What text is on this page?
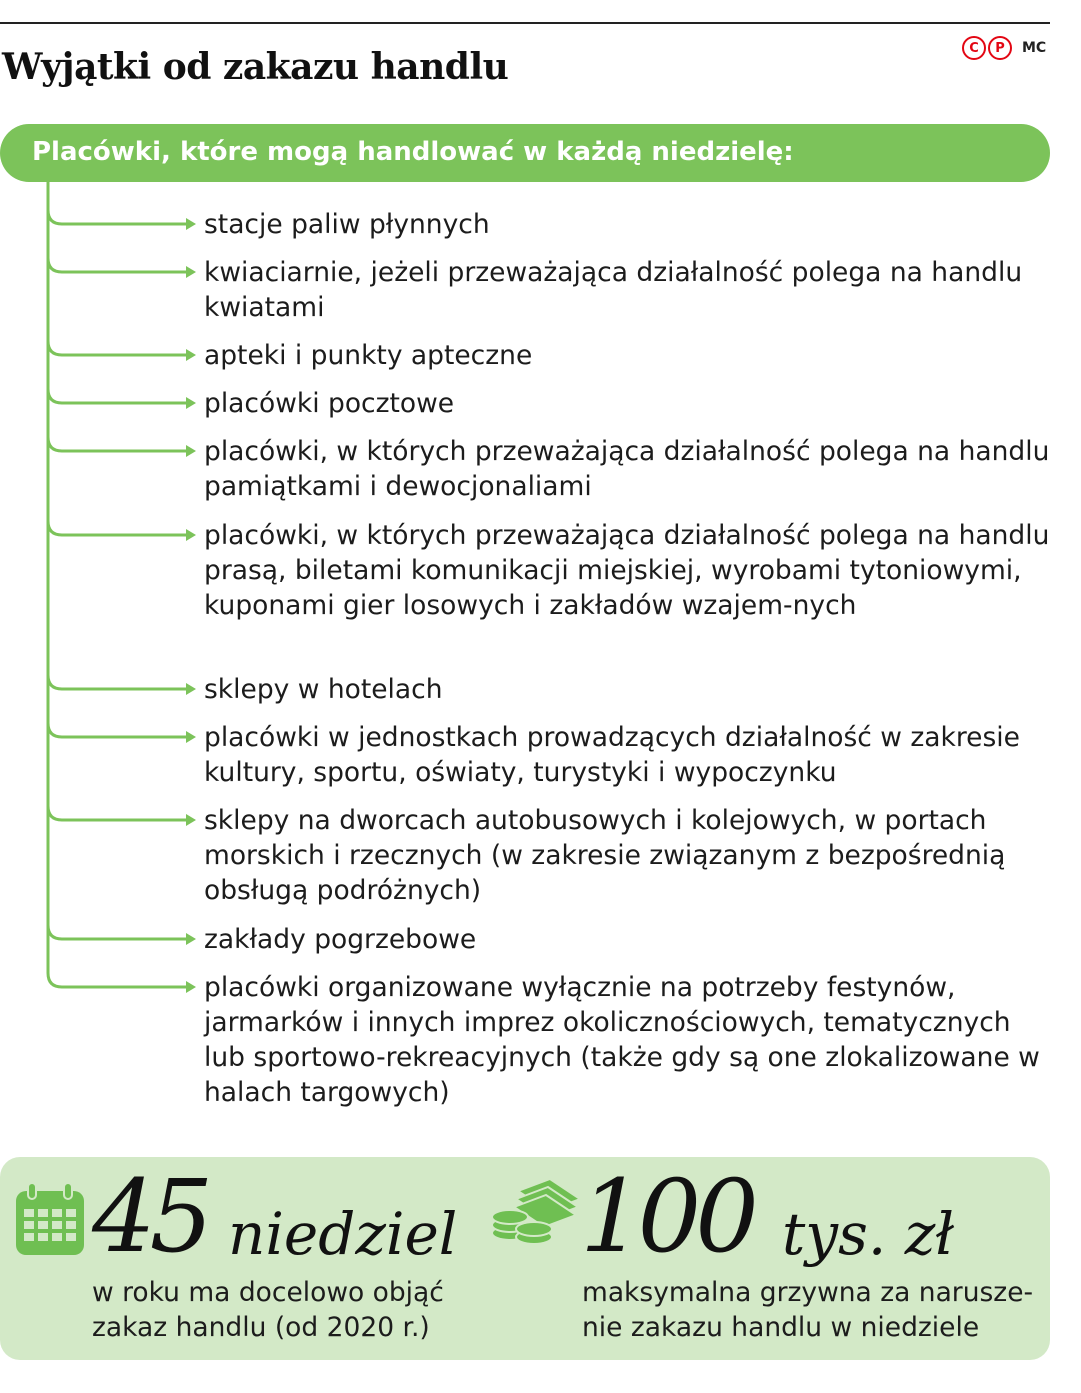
Wyjątki od zakazu handlu	C	P	MC
Placówki, które mogą handlować w każdą niedzielę:
stacje paliw płynnych
kwiaciarnie, jeżeli przeważająca działalność polega na handlu kwiatami
apteki i punkty apteczne
placówki pocztowe
placówki, w których przeważająca działalność polega na handlu pamiątkami i dewocjonaliami
placówki, w których przeważająca działalność polega na handlu prasą, biletami komunikacji miejskiej, wyrobami tytoniowymi, kuponami gier losowych i zakładów wzajem-nych
sklepy w hotelach
placówki w jednostkach prowadzących działalność w zakresie kultury, sportu, oświaty, turystyki i wypoczynku
sklepy na dworcach autobusowych i kolejowych, w portach morskich i rzecznych (w zakresie związanym z bezpośrednią obsługą podróżnych)
zakłady pogrzebowe
placówki organizowane wyłącznie na potrzeby festynów, jarmarków i innych imprez okolicznościowych, tematycznych lub sportowo-rekreacyjnych (także gdy są one zlokalizowane w halach targowych)
45 niedziel
w roku ma docelowo objąć zakaz handlu (od 2020 r.)
100 tys. zł
maksymalna grzywna za narusze-nie zakazu handlu w niedziele
